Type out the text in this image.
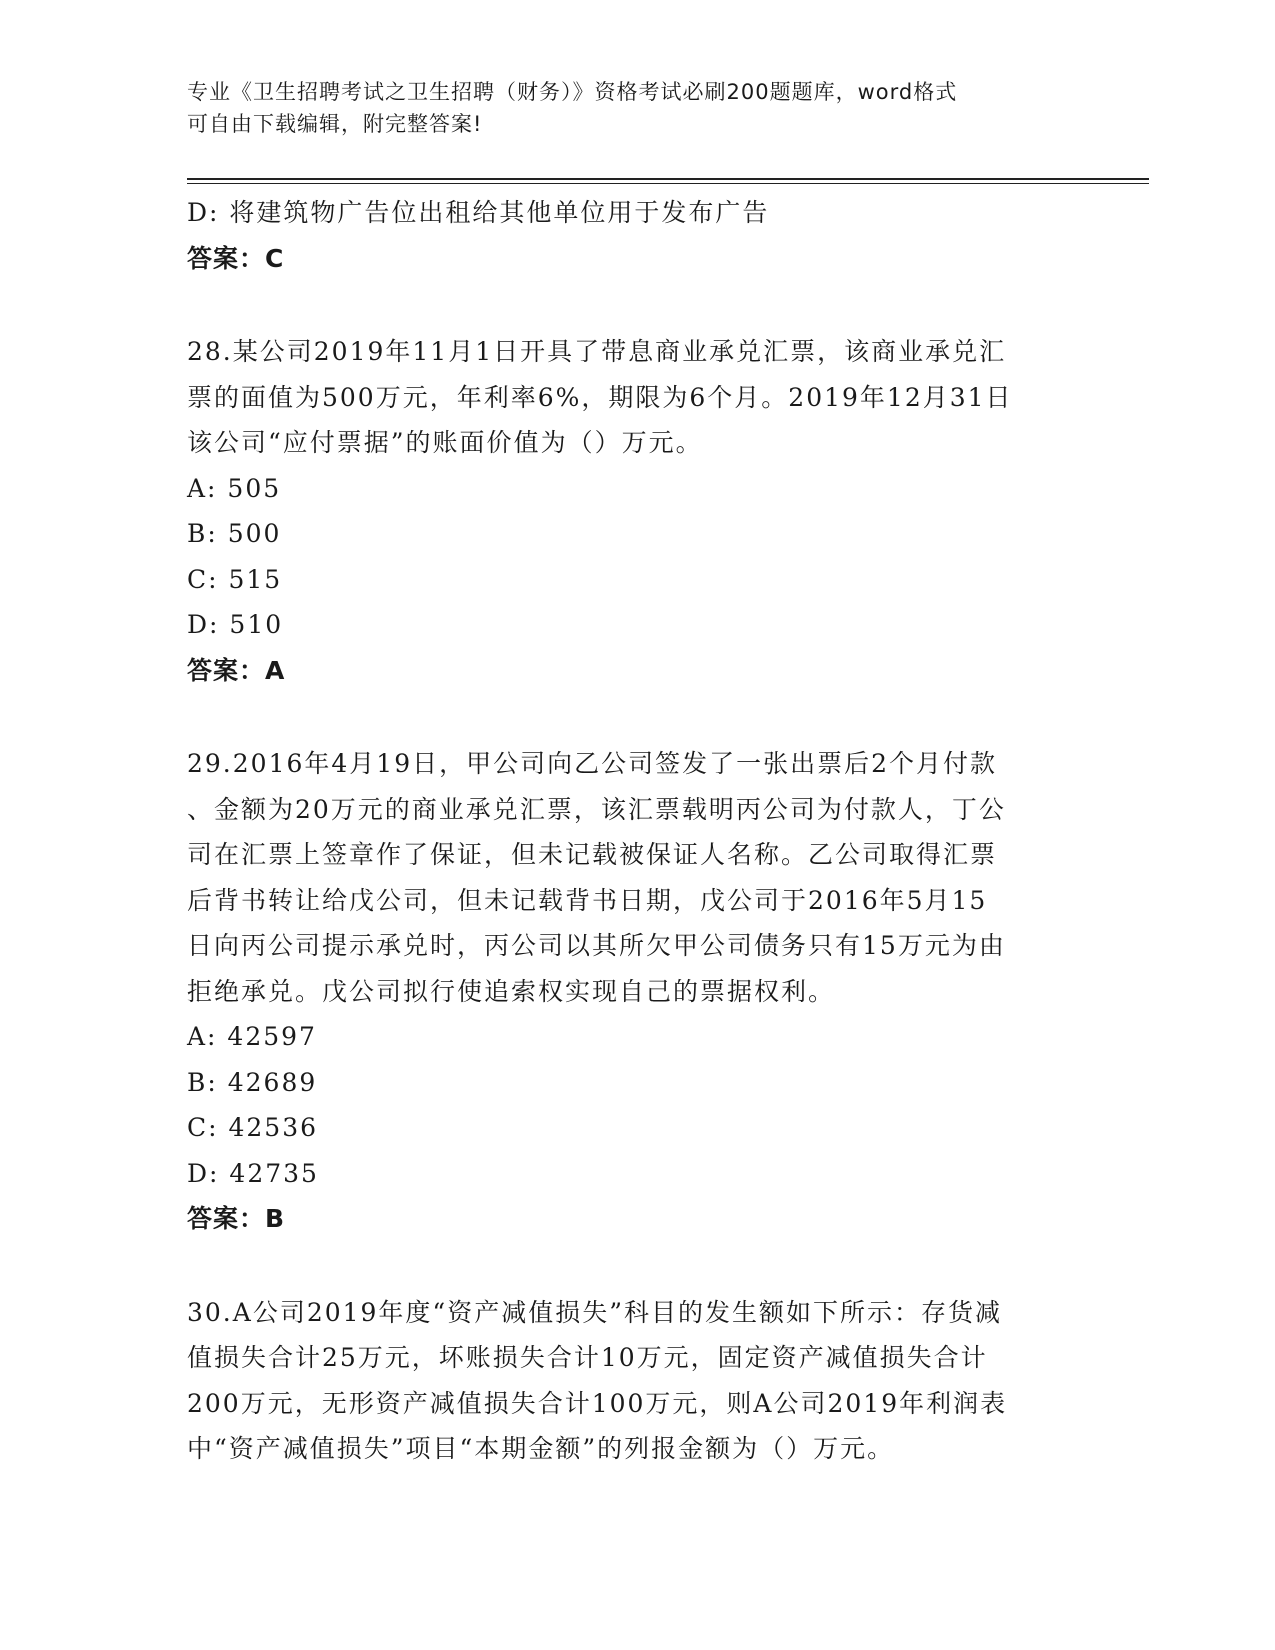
专业《卫生招聘考试之卫生招聘（财务）》资格考试必刷200题题库，word格式
可自由下载编辑，附完整答案!
D: 将建筑物广告位出租给其他单位用于发布广告
答案：C
28.某公司2019年11月1日开具了带息商业承兑汇票，该商业承兑汇
票的面值为500万元，年利率6%，期限为6个月。2019年12月31日
该公司“应付票据”的账面价值为（）万元。
A: 505
B: 500
C: 515
D: 510
答案：A
29.2016年4月19日，甲公司向乙公司签发了一张出票后2个月付款
、金额为20万元的商业承兑汇票，该汇票载明丙公司为付款人，丁公
司在汇票上签章作了保证，但未记载被保证人名称。乙公司取得汇票
后背书转让给戊公司，但未记载背书日期，戊公司于2016年5月15
日向丙公司提示承兑时，丙公司以其所欠甲公司债务只有15万元为由
拒绝承兑。戊公司拟行使追索权实现自己的票据权利。
A: 42597
B: 42689
C: 42536
D: 42735
答案：B
30.A公司2019年度“资产减值损失”科目的发生额如下所示：存货减
值损失合计25万元，坏账损失合计10万元，固定资产减值损失合计
200万元，无形资产减值损失合计100万元，则A公司2019年利润表
中“资产减值损失”项目“本期金额”的列报金额为（）万元。
